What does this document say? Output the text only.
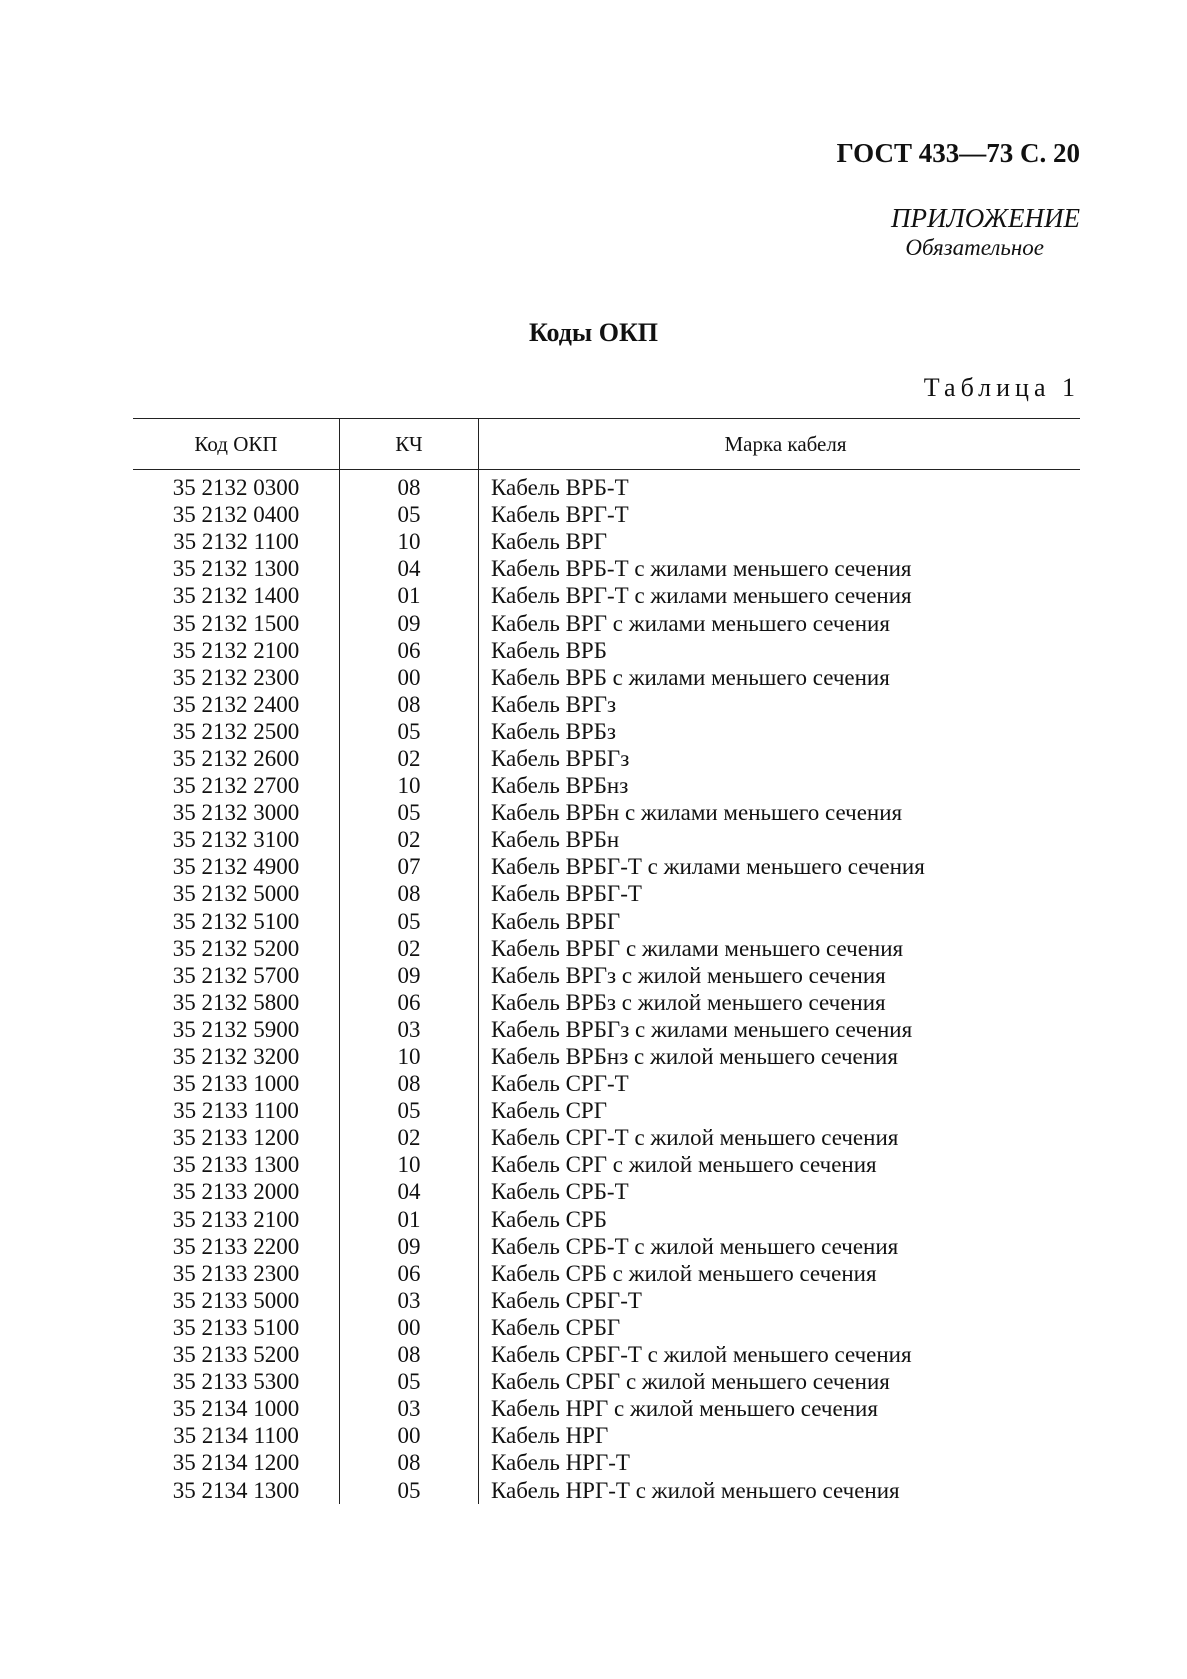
ГОСТ 433—73 С. 20
ПРИЛОЖЕНИЕ
Обязательное
Коды ОКП
Таблица 1
Код ОКП	КЧ	Марка кабеля
35 2132 0300	08	Кабель ВРБ-Т
35 2132 0400	05	Кабель ВРГ-Т
35 2132 1100	10	Кабель ВРГ
35 2132 1300	04	Кабель ВРБ-Т с жилами меньшего сечения
35 2132 1400	01	Кабель ВРГ-Т с жилами меньшего сечения
35 2132 1500	09	Кабель ВРГ с жилами меньшего сечения
35 2132 2100	06	Кабель ВРБ
35 2132 2300	00	Кабель ВРБ с жилами меньшего сечения
35 2132 2400	08	Кабель ВРГз
35 2132 2500	05	Кабель ВРБз
35 2132 2600	02	Кабель ВРБГз
35 2132 2700	10	Кабель ВРБнз
35 2132 3000	05	Кабель ВРБн с жилами меньшего сечения
35 2132 3100	02	Кабель ВРБн
35 2132 4900	07	Кабель ВРБГ-Т с жилами меньшего сечения
35 2132 5000	08	Кабель ВРБГ-Т
35 2132 5100	05	Кабель ВРБГ
35 2132 5200	02	Кабель ВРБГ с жилами меньшего сечения
35 2132 5700	09	Кабель ВРГз с жилой меньшего сечения
35 2132 5800	06	Кабель ВРБз с жилой меньшего сечения
35 2132 5900	03	Кабель ВРБГз с жилами меньшего сечения
35 2132 3200	10	Кабель ВРБнз с жилой меньшего сечения
35 2133 1000	08	Кабель СРГ-Т
35 2133 1100	05	Кабель СРГ
35 2133 1200	02	Кабель СРГ-Т с жилой меньшего сечения
35 2133 1300	10	Кабель СРГ с жилой меньшего сечения
35 2133 2000	04	Кабель СРБ-Т
35 2133 2100	01	Кабель СРБ
35 2133 2200	09	Кабель СРБ-Т с жилой меньшего сечения
35 2133 2300	06	Кабель СРБ с жилой меньшего сечения
35 2133 5000	03	Кабель СРБГ-Т
35 2133 5100	00	Кабель СРБГ
35 2133 5200	08	Кабель СРБГ-Т с жилой меньшего сечения
35 2133 5300	05	Кабель СРБГ с жилой меньшего сечения
35 2134 1000	03	Кабель НРГ с жилой меньшего сечения
35 2134 1100	00	Кабель НРГ
35 2134 1200	08	Кабель НРГ-Т
35 2134 1300	05	Кабель НРГ-Т с жилой меньшего сечения
